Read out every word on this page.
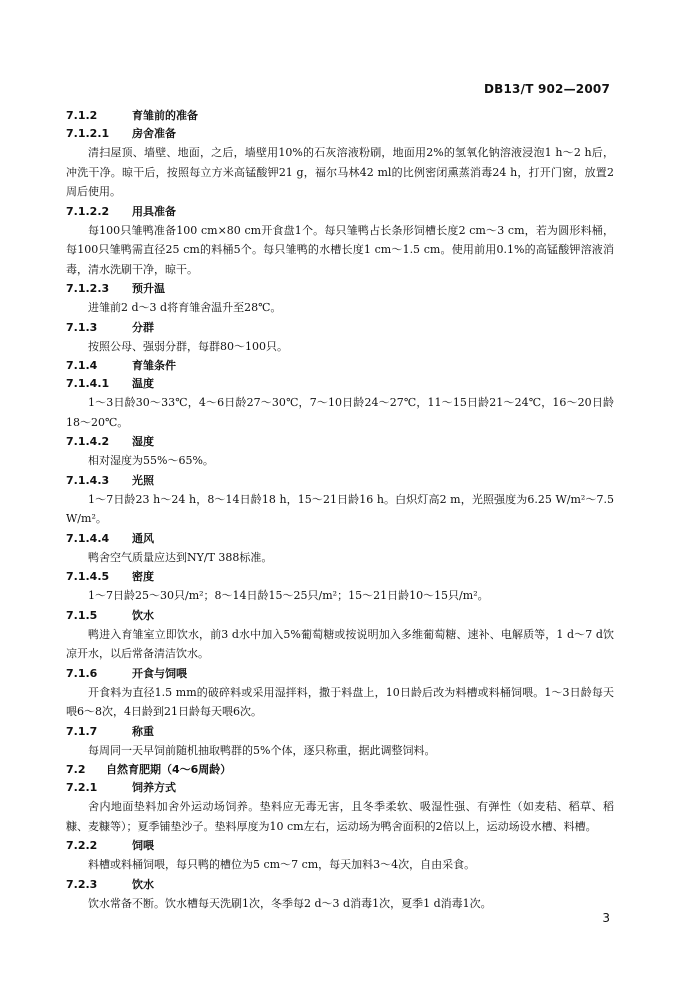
DB13/T 902—2007
7.1.2	育雏前的准备
7.1.2.1	房舍准备

清扫屋顶、墙壁、地面，之后，墙壁用10%的石灰溶液粉刷，地面用2%的氢氧化钠溶液浸泡1 h～2 h后，冲洗干净。晾干后，按照每立方米高锰酸钾21 g，福尔马林42 ml的比例密闭熏蒸消毒24 h，打开门窗，放置2周后使用。

7.1.2.2	用具准备

每100只雏鸭准备100 cm×80 cm开食盘1个。每只雏鸭占长条形饲槽长度2 cm～3 cm，若为圆形料桶，每100只雏鸭需直径25 cm的料桶5个。每只雏鸭的水槽长度1 cm～1.5 cm。使用前用0.1%的高锰酸钾溶液消毒，清水洗刷干净，晾干。

7.1.2.3	预升温

进雏前2 d～3 d将育雏舍温升至28℃。

7.1.3	分群

按照公母、强弱分群，每群80～100只。

7.1.4	育雏条件
7.1.4.1	温度

1～3日龄30～33℃，4～6日龄27～30℃，7～10日龄24～27℃，11～15日龄21～24℃，16～20日龄18～20℃。

7.1.4.2	湿度

相对湿度为55%～65%。

7.1.4.3	光照

1～7日龄23 h～24 h，8～14日龄18 h，15～21日龄16 h。白炽灯高2 m，光照强度为6.25 W/m²～7.5 W/m²。

7.1.4.4	通风

鸭舍空气质量应达到NY/T 388标准。

7.1.4.5	密度

1～7日龄25～30只/m²；8～14日龄15～25只/m²；15～21日龄10～15只/m²。

7.1.5	饮水

鸭进入育雏室立即饮水，前3 d水中加入5%葡萄糖或按说明加入多维葡萄糖、速补、电解质等，1 d～7 d饮凉开水，以后常备清洁饮水。

7.1.6	开食与饲喂

开食料为直径1.5 mm的破碎料或采用湿拌料，撒于料盘上，10日龄后改为料槽或料桶饲喂。1～3日龄每天喂6～8次，4日龄到21日龄每天喂6次。

7.1.7	称重

每周同一天早饲前随机抽取鸭群的5%个体，逐只称重，据此调整饲料。

7.2	自然育肥期（4～6周龄）
7.2.1	饲养方式

舍内地面垫料加舍外运动场饲养。垫料应无毒无害，且冬季柔软、吸湿性强、有弹性（如麦秸、稻草、稻糠、麦糠等）；夏季铺垫沙子。垫料厚度为10 cm左右，运动场为鸭舍面积的2倍以上，运动场设水槽、料槽。

7.2.2	饲喂

料槽或料桶饲喂，每只鸭的槽位为5 cm～7 cm，每天加料3～4次，自由采食。

7.2.3	饮水

饮水常备不断。饮水槽每天洗刷1次，冬季每2 d～3 d消毒1次，夏季1 d消毒1次。

3
